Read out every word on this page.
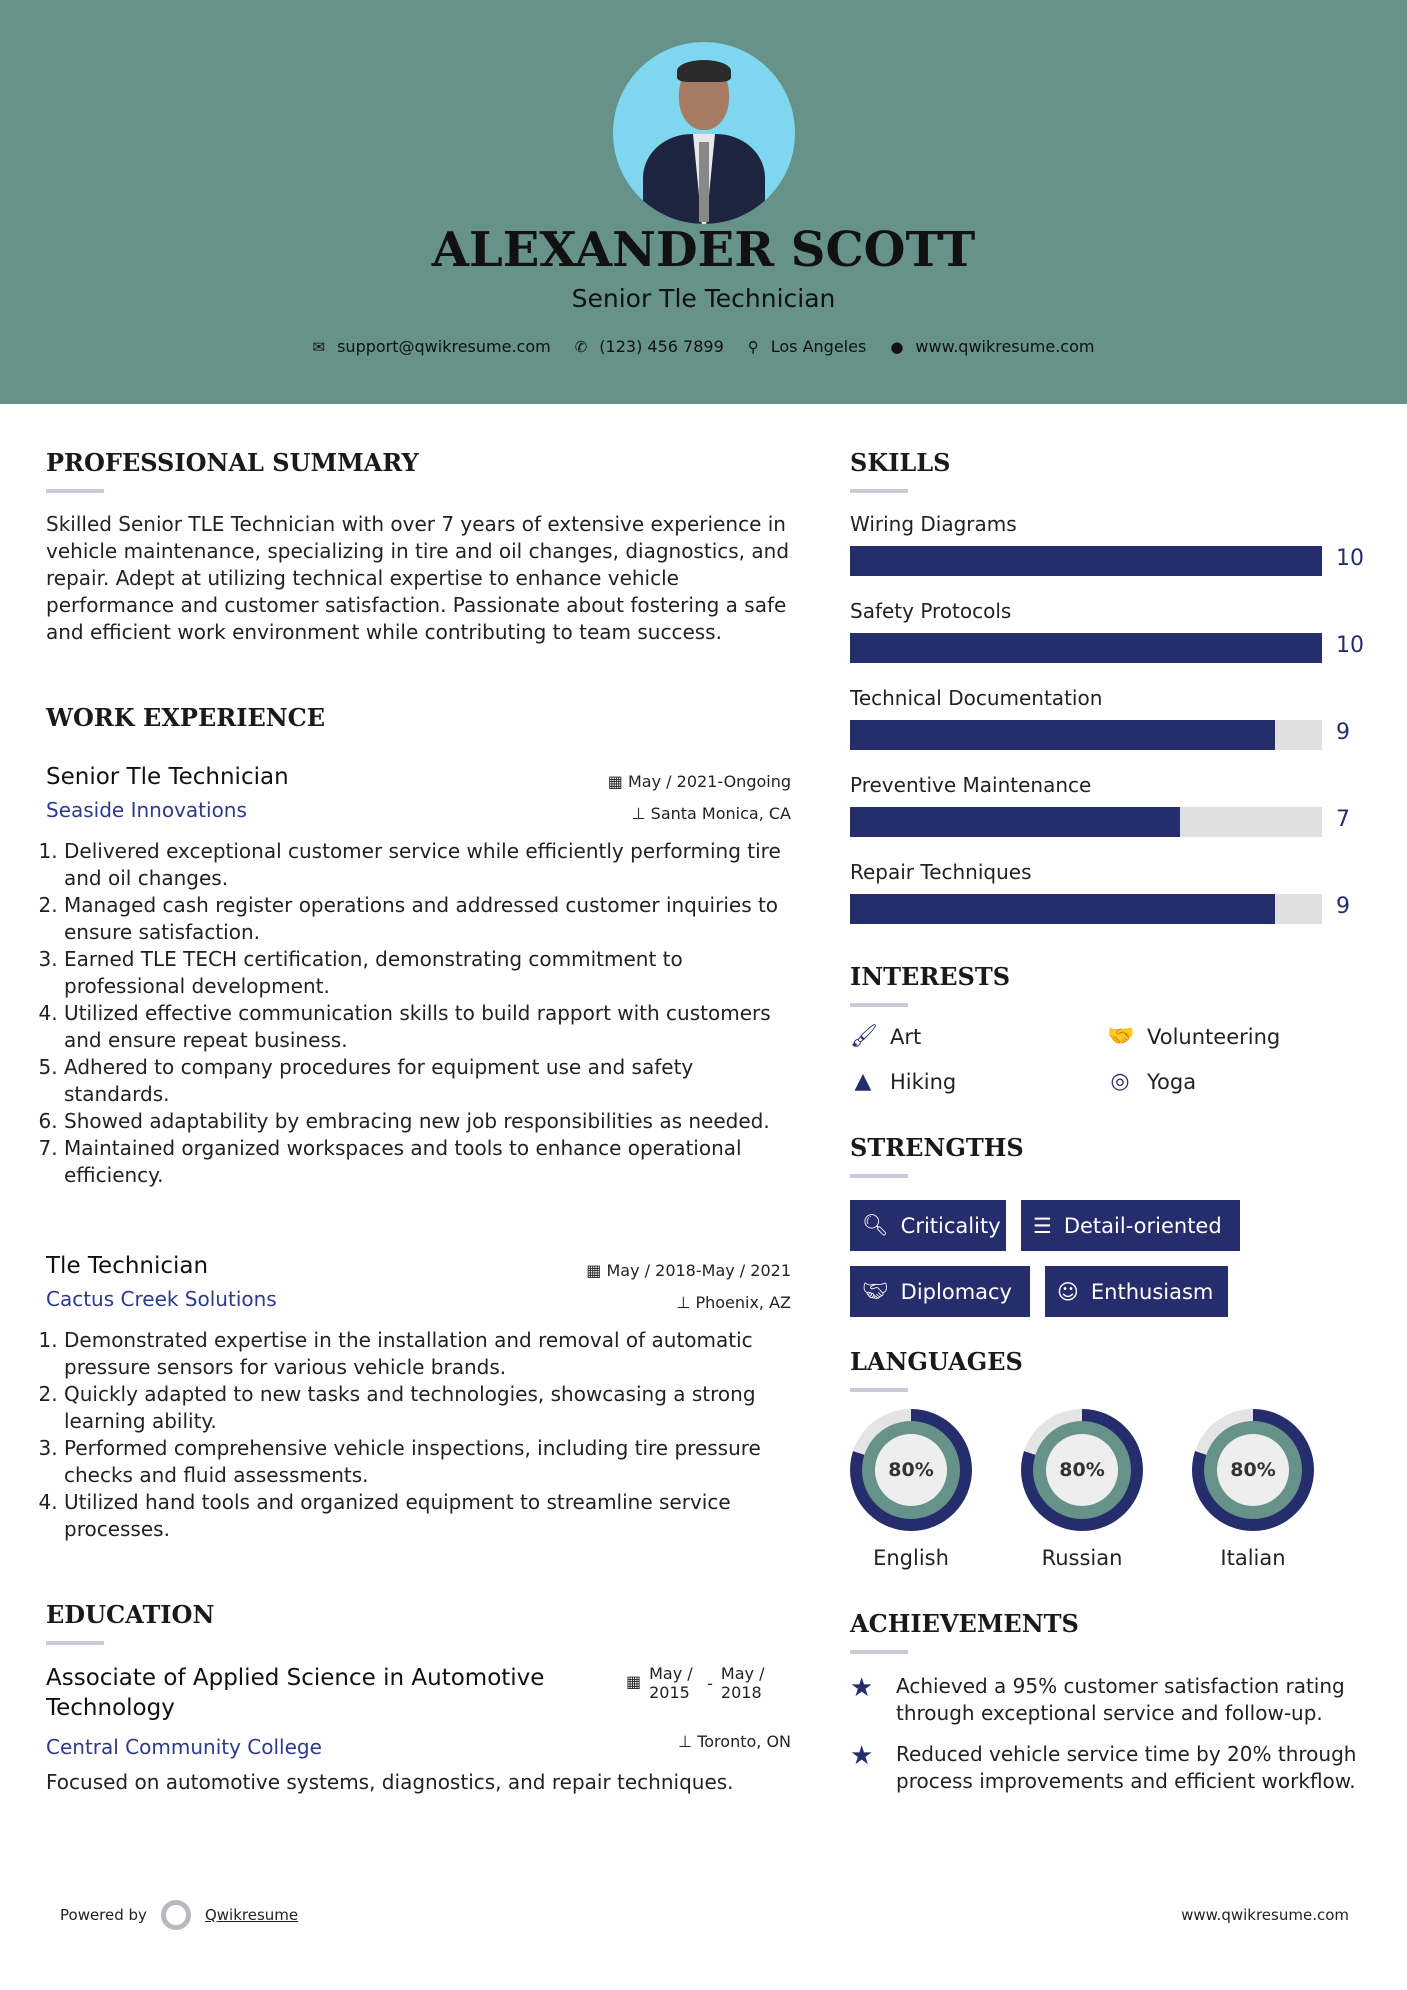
ALEXANDER SCOTT
Senior Tle Technician
✉ support@qwikresume.com ✆ (123) 456 7899 ⚲ Los Angeles ● www.qwikresume.com
PROFESSIONAL SUMMARY
Skilled Senior TLE Technician with over 7 years of extensive experience in vehicle maintenance, specializing in tire and oil changes, diagnostics, and repair. Adept at utilizing technical expertise to enhance vehicle performance and customer satisfaction. Passionate about fostering a safe and efficient work environment while contributing to team success.
WORK EXPERIENCE
Senior Tle Technician
Seaside Innovations
▦ May / 2021-Ongoing
⊥ Santa Monica, CA
1. Delivered exceptional customer service while efficiently performing tire and oil changes.
2. Managed cash register operations and addressed customer inquiries to ensure satisfaction.
3. Earned TLE TECH certification, demonstrating commitment to professional development.
4. Utilized effective communication skills to build rapport with customers and ensure repeat business.
5. Adhered to company procedures for equipment use and safety standards.
6. Showed adaptability by embracing new job responsibilities as needed.
7. Maintained organized workspaces and tools to enhance operational efficiency.
Tle Technician
Cactus Creek Solutions
▦ May / 2018-May / 2021
⊥ Phoenix, AZ
1. Demonstrated expertise in the installation and removal of automatic pressure sensors for various vehicle brands.
2. Quickly adapted to new tasks and technologies, showcasing a strong learning ability.
3. Performed comprehensive vehicle inspections, including tire pressure checks and fluid assessments.
4. Utilized hand tools and organized equipment to streamline service processes.
EDUCATION
Associate of Applied Science in Automotive Technology
Central Community College
Focused on automotive systems, diagnostics, and repair techniques.
▦ May / 2015	-
May / 2018
⊥ Toronto, ON
SKILLS
Wiring Diagrams
10
Safety Protocols
10
Technical Documentation
9
Preventive Maintenance
7
Repair Techniques
9
INTERESTS
🖌 Art	🤝 Volunteering
▲ Hiking	◎ Yoga
STRENGTHS
🔍︎ Criticality ☰ Detail-oriented
🤝︎ Diplomacy ☺ Enthusiasm
LANGUAGES
80%
English
80%
Russian
80%
Italian
ACHIEVEMENTS
★	Achieved a 95% customer satisfaction rating through exceptional service and follow-up.
★	Reduced vehicle service time by 20% through process improvements and efficient workflow.
Powered by	Qwikresume	www.qwikresume.com
